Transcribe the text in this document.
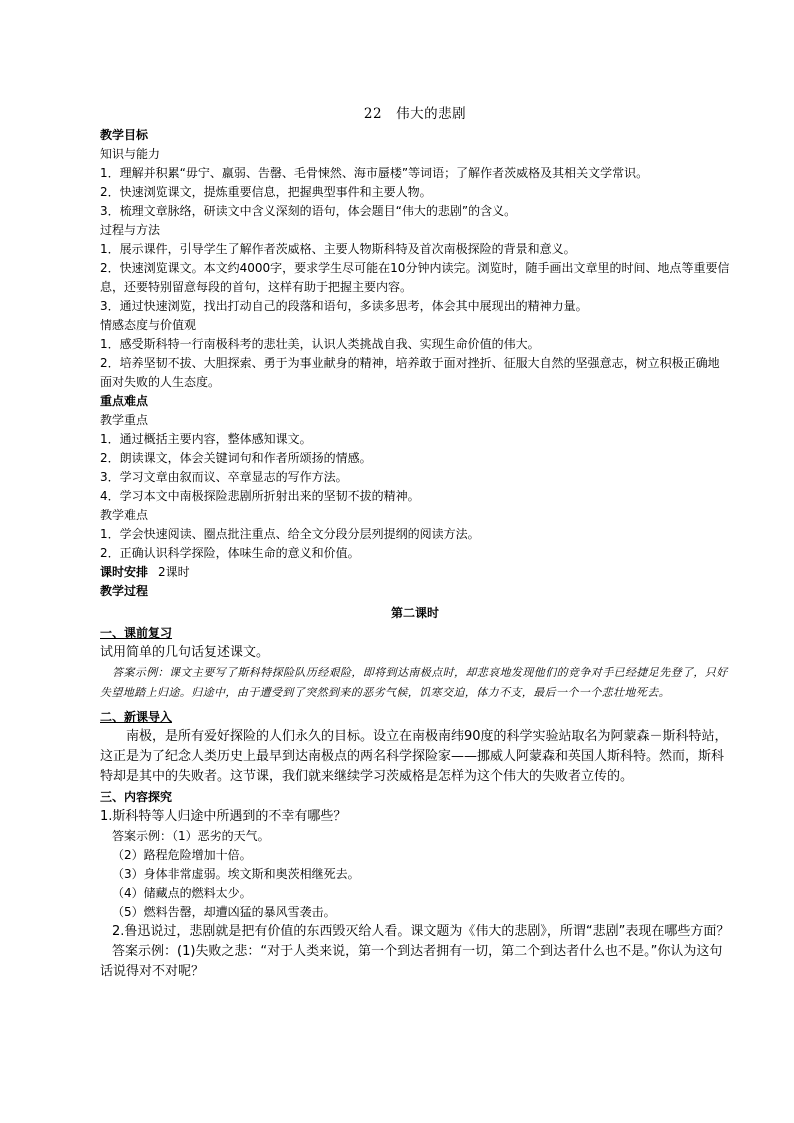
22　伟大的悲剧
教学目标
知识与能力
1．理解并积累“毋宁、羸弱、告罄、毛骨悚然、海市蜃楼”等词语；了解作者茨威格及其相关文学常识。
2．快速浏览课文，提炼重要信息，把握典型事件和主要人物。
3．梳理文章脉络，研读文中含义深刻的语句，体会题目“伟大的悲剧”的含义。
过程与方法
1．展示课件，引导学生了解作者茨威格、主要人物斯科特及首次南极探险的背景和意义。
2．快速浏览课文。本文约4000字，要求学生尽可能在10分钟内读完。浏览时，随手画出文章里的时间、地点等重要信息，还要特别留意每段的首句，这样有助于把握主要内容。
3．通过快速浏览，找出打动自己的段落和语句，多读多思考，体会其中展现出的精神力量。
情感态度与价值观
1．感受斯科特一行南极科考的悲壮美，认识人类挑战自我、实现生命价值的伟大。
2．培养坚韧不拔、大胆探索、勇于为事业献身的精神，培养敢于面对挫折、征服大自然的坚强意志，树立积极正确地面对失败的人生态度。
重点难点
教学重点
1．通过概括主要内容，整体感知课文。
2．朗读课文，体会关键词句和作者所颂扬的情感。
3．学习文章由叙而议、卒章显志的写作方法。
4．学习本文中南极探险悲剧所折射出来的坚韧不拔的精神。
教学难点
1．学会快速阅读、圈点批注重点、给全文分段分层列提纲的阅读方法。
2．正确认识科学探险，体味生命的意义和价值。
课时安排 2课时
教学过程
第二课时
一、课前复习
试用简单的几句话复述课文。
答案示例：课文主要写了斯科特探险队历经艰险，即将到达南极点时，却悲哀地发现他们的竞争对手已经捷足先登了，只好失望地踏上归途。归途中，由于遭受到了突然到来的恶劣气候，饥寒交迫，体力不支，最后一个一个悲壮地死去。
二、新课导入
南极，是所有爱好探险的人们永久的目标。设立在南极南纬90度的科学实验站取名为阿蒙森－斯科特站，这正是为了纪念人类历史上最早到达南极点的两名科学探险家——挪威人阿蒙森和英国人斯科特。然而，斯科特却是其中的失败者。这节课，我们就来继续学习茨威格是怎样为这个伟大的失败者立传的。
三、内容探究
1.斯科特等人归途中所遇到的不幸有哪些？
答案示例：（1）恶劣的天气。
（2）路程危险增加十倍。
（3）身体非常虚弱。埃文斯和奥茨相继死去。
（4）储藏点的燃料太少。
（5）燃料告罄，却遭凶猛的暴风雪袭击。
2.鲁迅说过，悲剧就是把有价值的东西毁灭给人看。课文题为《伟大的悲剧》，所谓“悲剧”表现在哪些方面？
答案示例：(1)失败之悲：“对于人类来说，第一个到达者拥有一切，第二个到达者什么也不是。”你认为这句话说得对不对呢？
